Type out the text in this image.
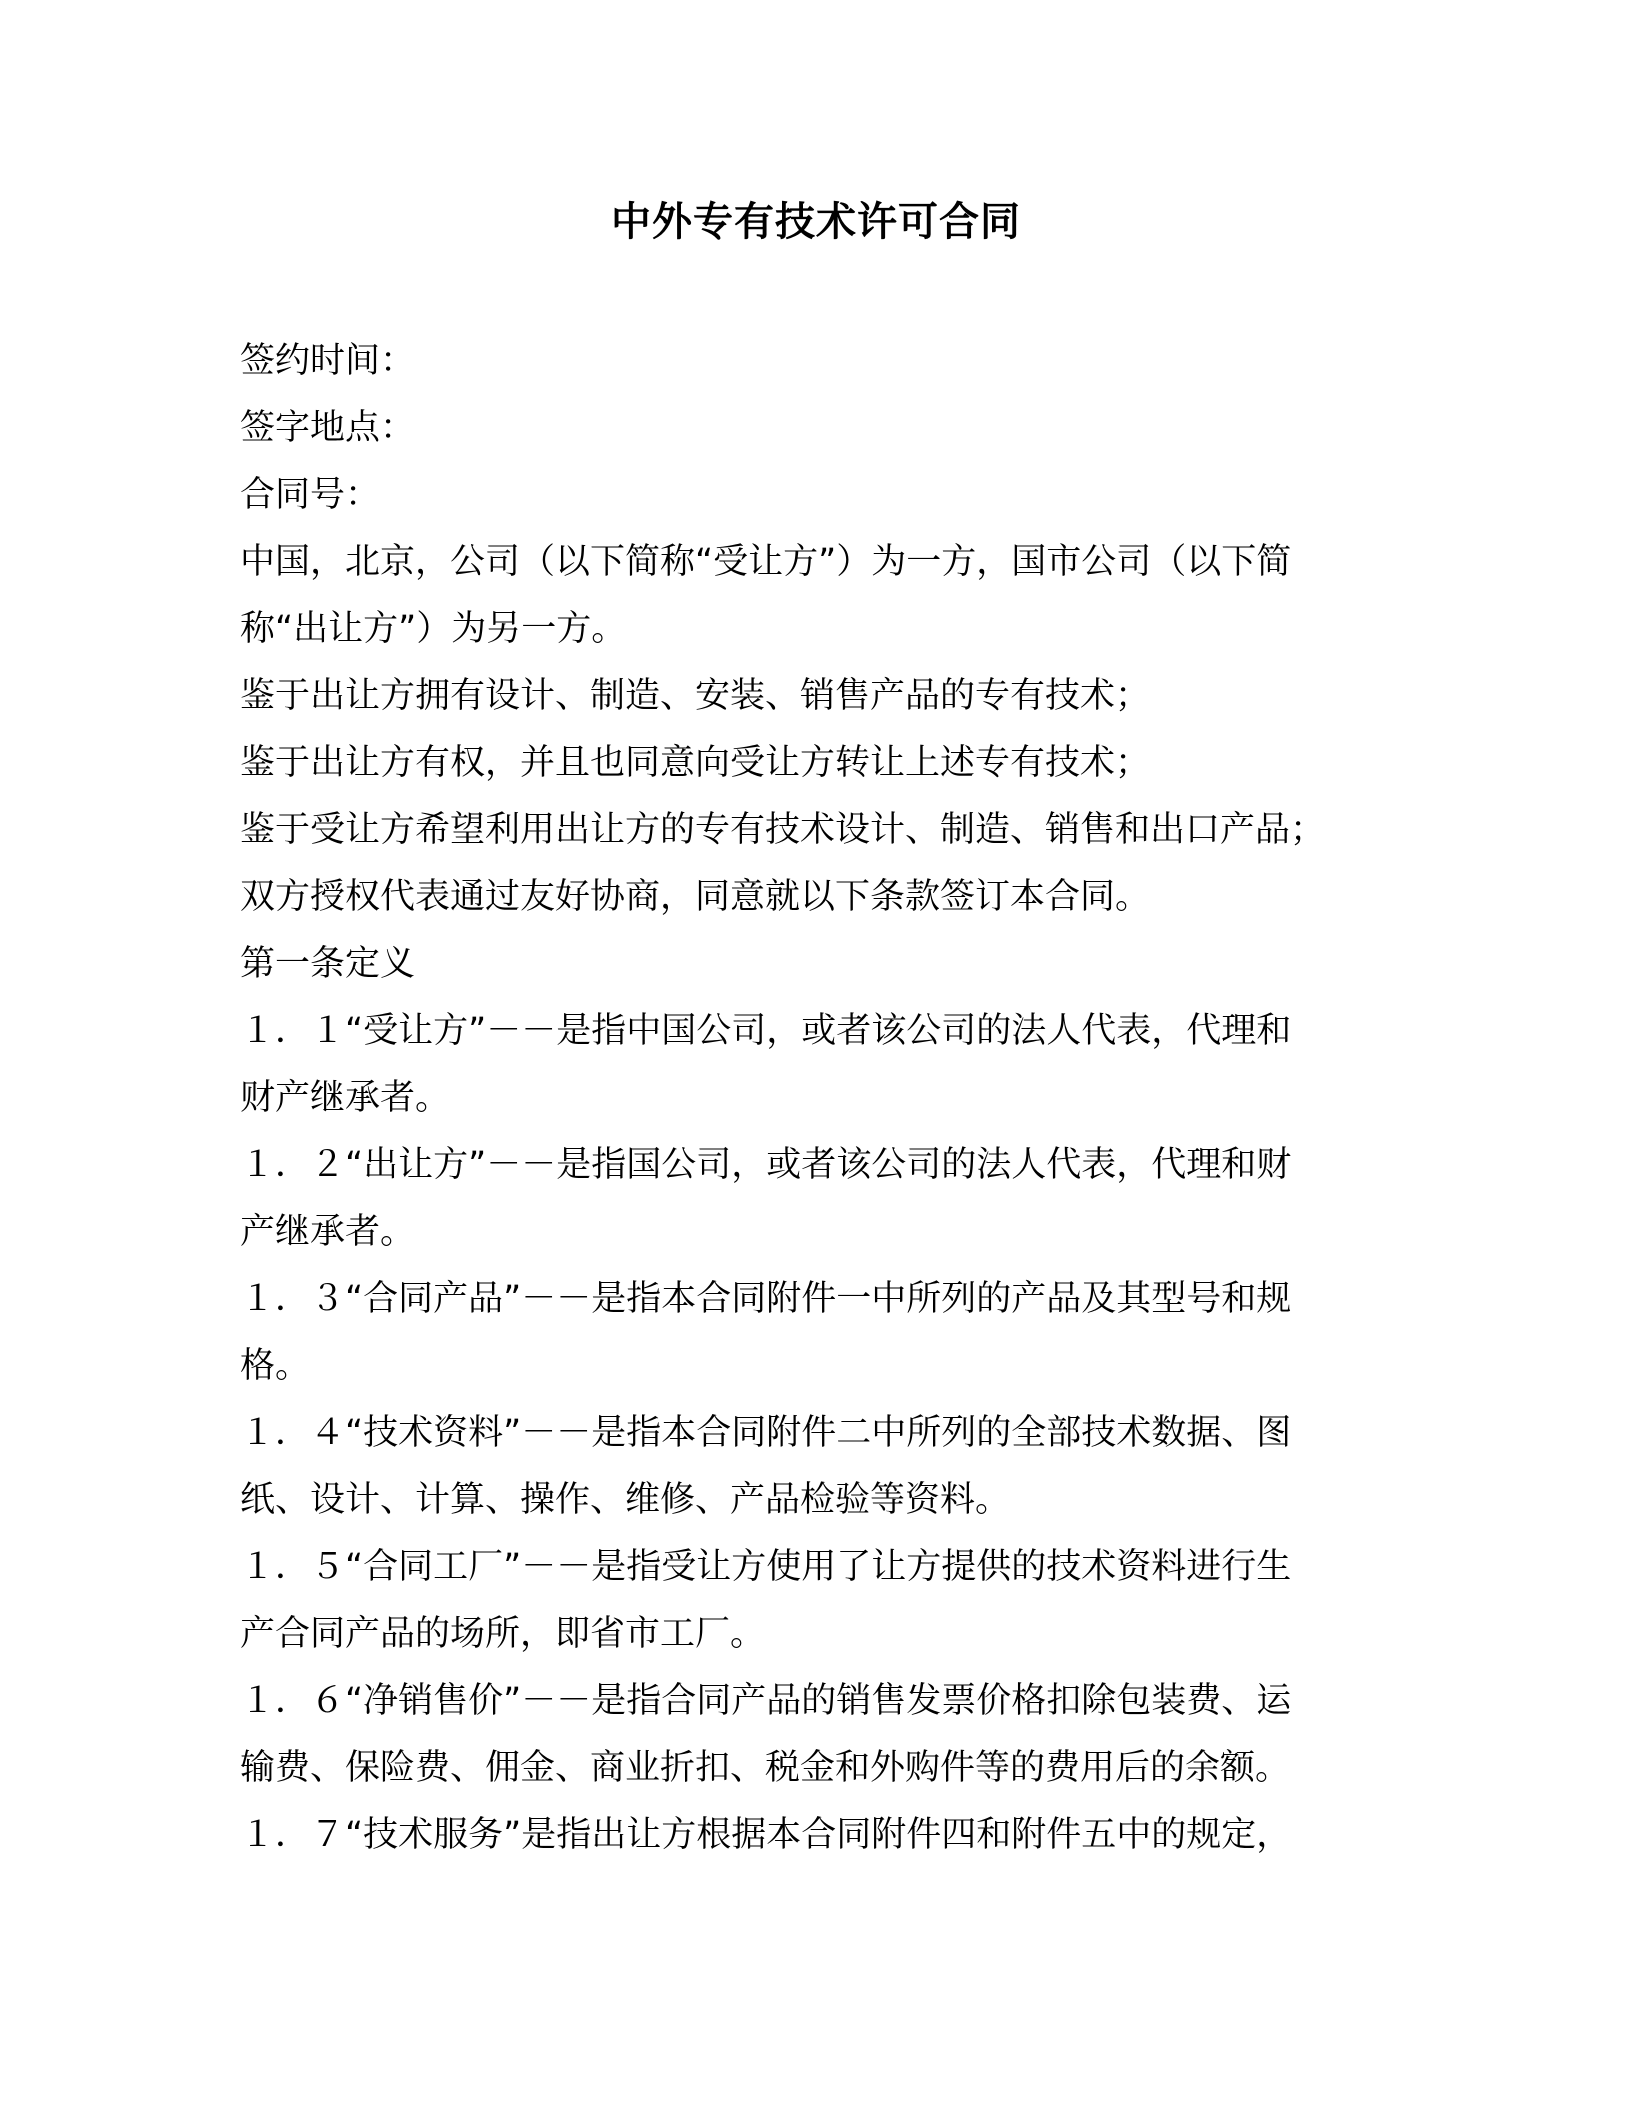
中外专有技术许可合同

签约时间：

签字地点：

合同号：

中国，北京，公司（以下简称“受让方”）为一方，国市公司（以下简

称“出让方”）为另一方。

鉴于出让方拥有设计、制造、安装、销售产品的专有技术；

鉴于出让方有权，并且也同意向受让方转让上述专有技术；

鉴于受让方希望利用出让方的专有技术设计、制造、销售和出口产品；

双方授权代表通过友好协商，同意就以下条款签订本合同。

第一条定义

１．１“受让方”－－是指中国公司，或者该公司的法人代表，代理和

财产继承者。

１．２“出让方”－－是指国公司，或者该公司的法人代表，代理和财

产继承者。

１．３“合同产品”－－是指本合同附件一中所列的产品及其型号和规

格。

１．４“技术资料”－－是指本合同附件二中所列的全部技术数据、图

纸、设计、计算、操作、维修、产品检验等资料。

１．５“合同工厂”－－是指受让方使用了让方提供的技术资料进行生

产合同产品的场所，即省市工厂。

１．６“净销售价”－－是指合同产品的销售发票价格扣除包装费、运

输费、保险费、佣金、商业折扣、税金和外购件等的费用后的余额。

１．７“技术服务”是指出让方根据本合同附件四和附件五中的规定，
